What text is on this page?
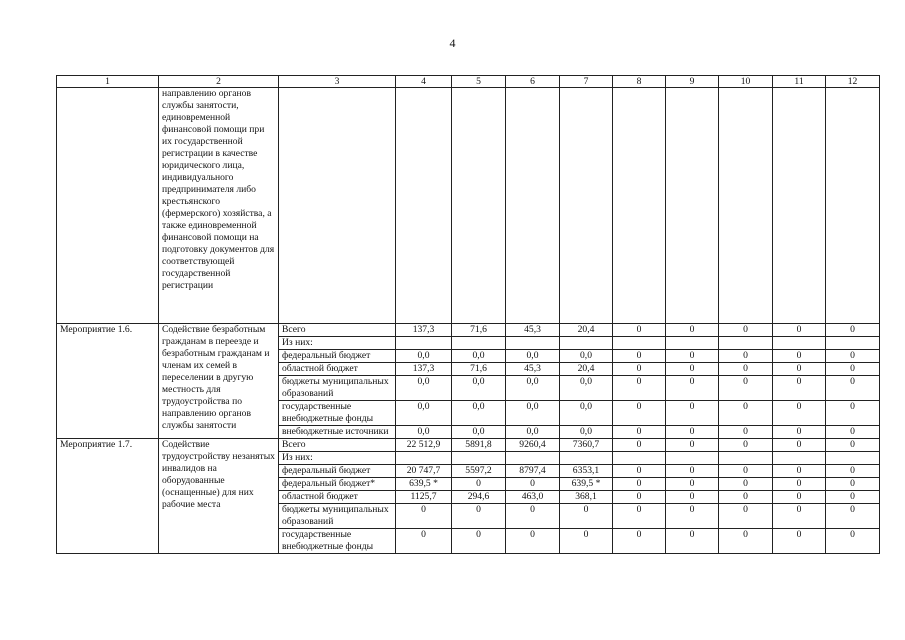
4
1	2	3	4	5	6	7	8	9	10	11	12
	направлению органов службы занятости, единовременной финансовой помощи при их государственной регистрации в качестве юридического лица, индивидуального предпринимателя либо крестьянского (фермерского) хозяйства, а также единовременной финансовой помощи на подготовку документов для соответствующей государственной регистрации										
Мероприятие 1.6.	Содействие безработным гражданам в переезде и безработным гражданам и членам их семей в переселении в другую местность для трудоустройства по направлению органов службы занятости	Всего	137,3	71,6	45,3	20,4	0	0	0	0	0
		Из них:									
		федеральный бюджет	0,0	0,0	0,0	0,0	0	0	0	0	0
		областной бюджет	137,3	71,6	45,3	20,4	0	0	0	0	0
		бюджеты муниципальных образований	0,0	0,0	0,0	0,0	0	0	0	0	0
		государственные внебюджетные фонды	0,0	0,0	0,0	0,0	0	0	0	0	0
		внебюджетные источники	0,0	0,0	0,0	0,0	0	0	0	0	0
Мероприятие 1.7.	Содействие трудоустройству незанятых инвалидов на оборудованные (оснащенные) для них рабочие места	Всего	22 512,9	5891,8	9260,4	7360,7	0	0	0	0	0
		Из них:									
		федеральный бюджет	20 747,7	5597,2	8797,4	6353,1	0	0	0	0	0
		федеральный бюджет*	639,5 *	0	0	639,5 *	0	0	0	0	0
		областной бюджет	1125,7	294,6	463,0	368,1	0	0	0	0	0
		бюджеты муниципальных образований	0	0	0	0	0	0	0	0	0
		государственные внебюджетные фонды	0	0	0	0	0	0	0	0	0
